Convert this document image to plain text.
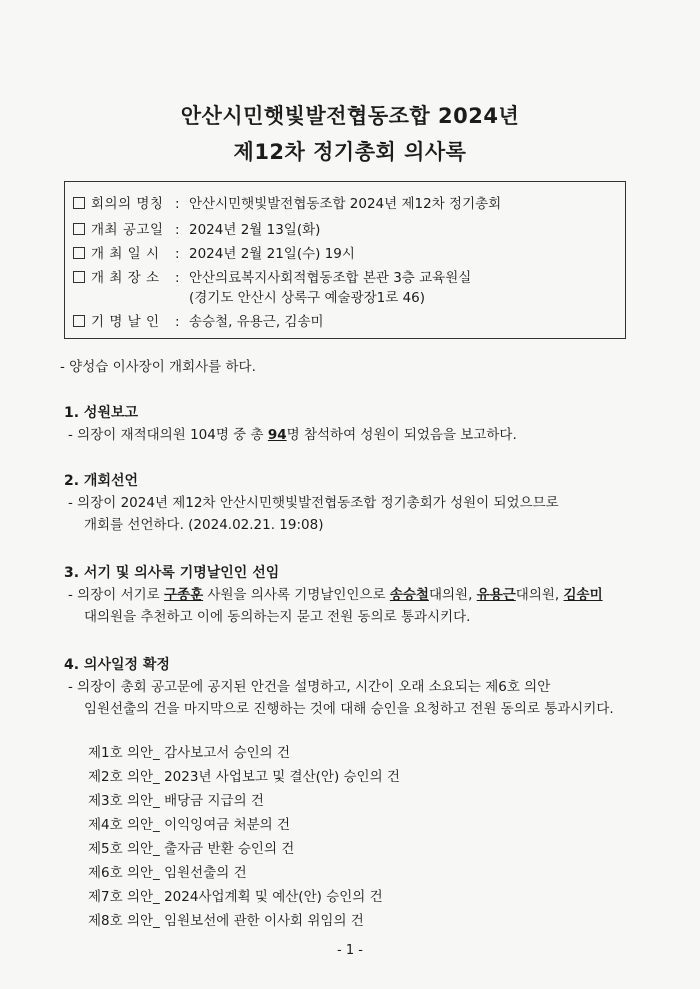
안산시민햇빛발전협동조합 2024년
제12차 정기총회 의사록
회의의 명칭 : 안산시민햇빛발전협동조합 2024년 제12차 정기총회
개최 공고일 : 2024년 2월 13일(화)
개 최 일 시 : 2024년 2월 21일(수) 19시
개 최 장 소 : 안산의료복지사회적협동조합 본관 3층 교육원실
(경기도 안산시 상록구 예술광장1로 46)
기 명 날 인 : 송승철, 유용근, 김송미
- 양성습 이사장이 개회사를 하다.
1. 성원보고
- 의장이 재적대의원 104명 중 총 94명 참석하여 성원이 되었음을 보고하다.
2. 개회선언
- 의장이 2024년 제12차 안산시민햇빛발전협동조합 정기총회가 성원이 되었으므로
개회를 선언하다. (2024.02.21. 19:08)
3. 서기 및 의사록 기명날인인 선임
- 의장이 서기로 구종훈 사원을 의사록 기명날인인으로 송승철대의원, 유용근대의원, 김송미
대의원을 추천하고 이에 동의하는지 묻고 전원 동의로 통과시키다.
4. 의사일정 확정
- 의장이 총회 공고문에 공지된 안건을 설명하고, 시간이 오래 소요되는 제6호 의안
임원선출의 건을 마지막으로 진행하는 것에 대해 승인을 요청하고 전원 동의로 통과시키다.
제1호 의안_ 감사보고서 승인의 건
제2호 의안_ 2023년 사업보고 및 결산(안) 승인의 건
제3호 의안_ 배당금 지급의 건
제4호 의안_ 이익잉여금 처분의 건
제5호 의안_ 출자금 반환 승인의 건
제6호 의안_ 임원선출의 건
제7호 의안_ 2024사업계획 및 예산(안) 승인의 건
제8호 의안_ 임원보선에 관한 이사회 위임의 건
- 1 -
